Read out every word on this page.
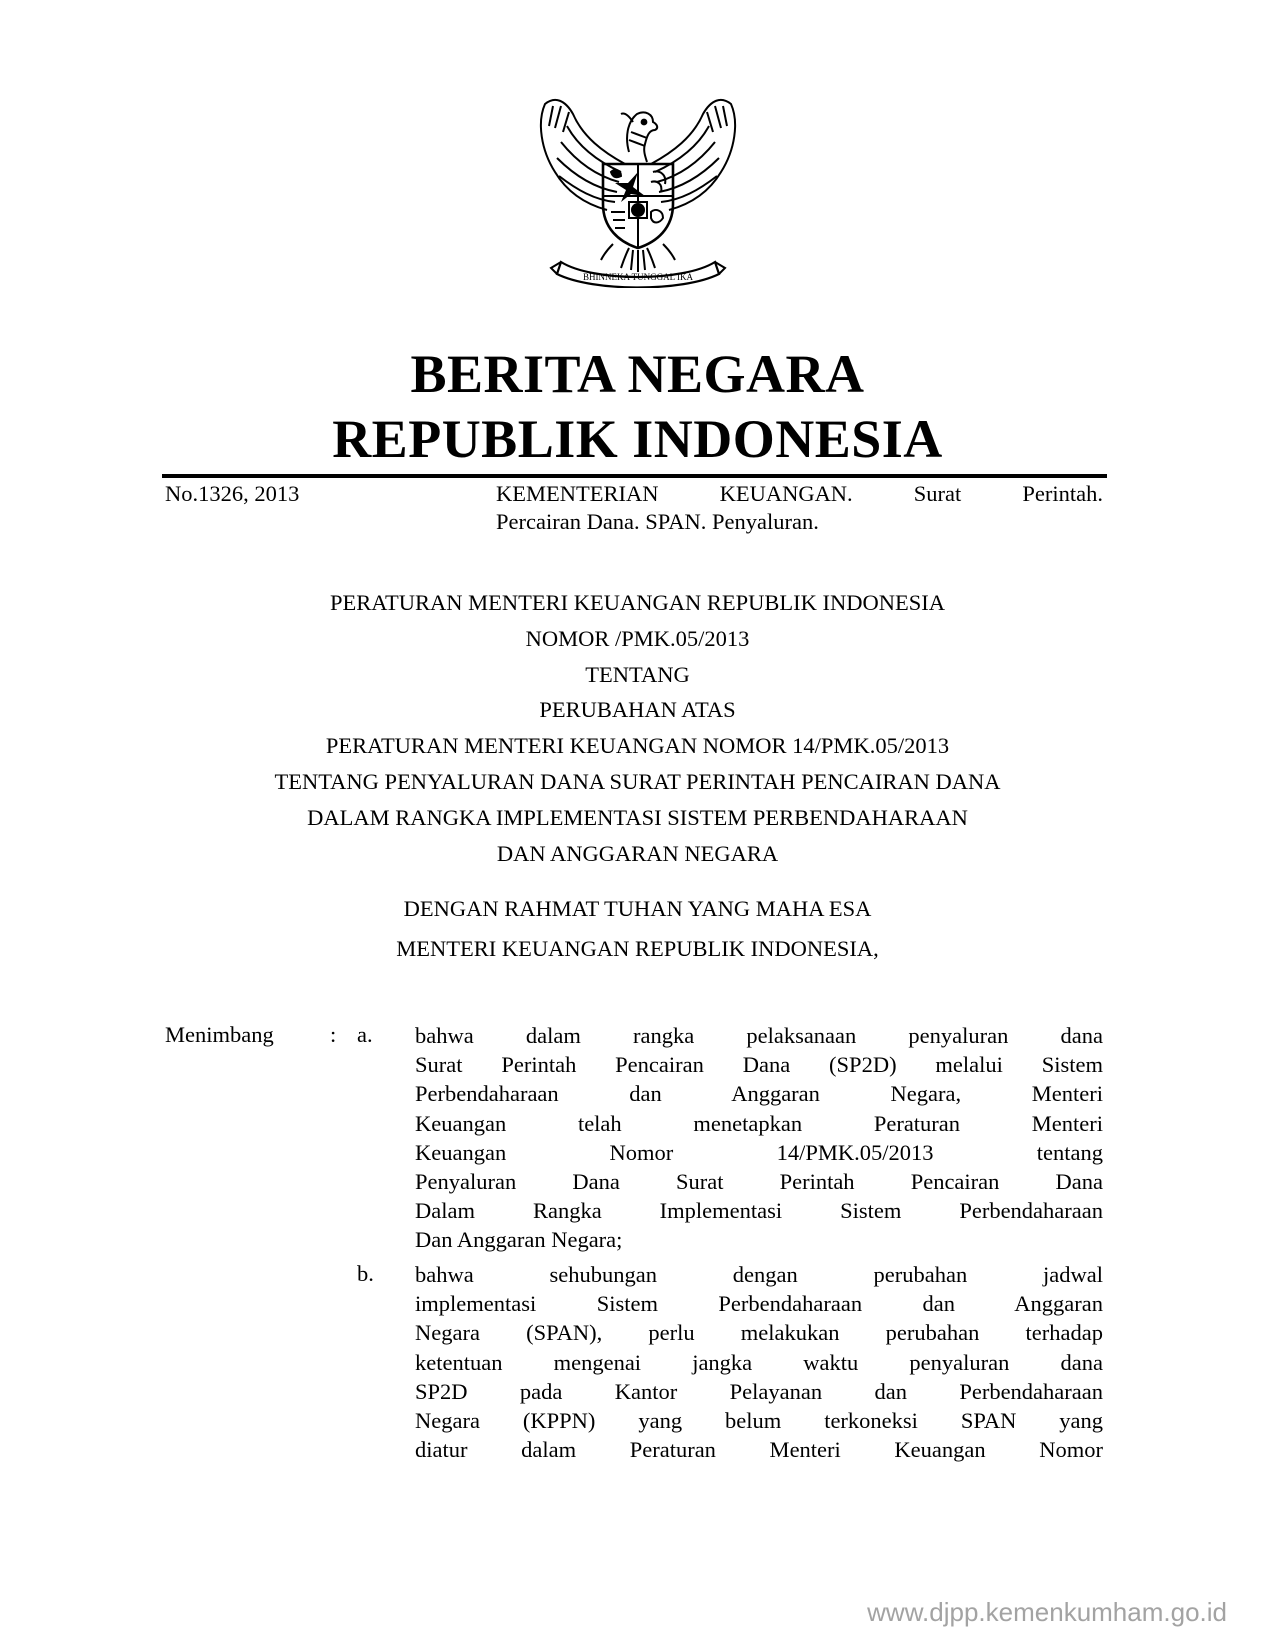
BHINNEKA TUNGGAL IKA
BERITA NEGARA
REPUBLIK INDONESIA
No.1326, 2013	KEMENTERIAN KEUANGAN. Surat Perintah.
Percairan Dana. SPAN. Penyaluran.
PERATURAN MENTERI KEUANGAN REPUBLIK INDONESIA
NOMOR /PMK.05/2013
TENTANG
PERUBAHAN ATAS
PERATURAN MENTERI KEUANGAN NOMOR 14/PMK.05/2013
TENTANG PENYALURAN DANA SURAT PERINTAH PENCAIRAN DANA
DALAM RANGKA IMPLEMENTASI SISTEM PERBENDAHARAAN
DAN ANGGARAN NEGARA
DENGAN RAHMAT TUHAN YANG MAHA ESA
MENTERI KEUANGAN REPUBLIK INDONESIA,
Menimbang	: a. bahwa dalam rangka pelaksanaan penyaluran dana
Surat Perintah Pencairan Dana (SP2D) melalui Sistem
Perbendaharaan dan Anggaran Negara, Menteri
Keuangan telah menetapkan Peraturan Menteri
Keuangan Nomor 14/PMK.05/2013 tentang
Penyaluran Dana Surat Perintah Pencairan Dana
Dalam Rangka Implementasi Sistem Perbendaharaan
Dan Anggaran Negara;
b. bahwa sehubungan dengan perubahan jadwal
implementasi Sistem Perbendaharaan dan Anggaran
Negara (SPAN), perlu melakukan perubahan terhadap
ketentuan mengenai jangka waktu penyaluran dana
SP2D pada Kantor Pelayanan dan Perbendaharaan
Negara (KPPN) yang belum terkoneksi SPAN yang
diatur dalam Peraturan Menteri Keuangan Nomor
www.djpp.kemenkumham.go.id
